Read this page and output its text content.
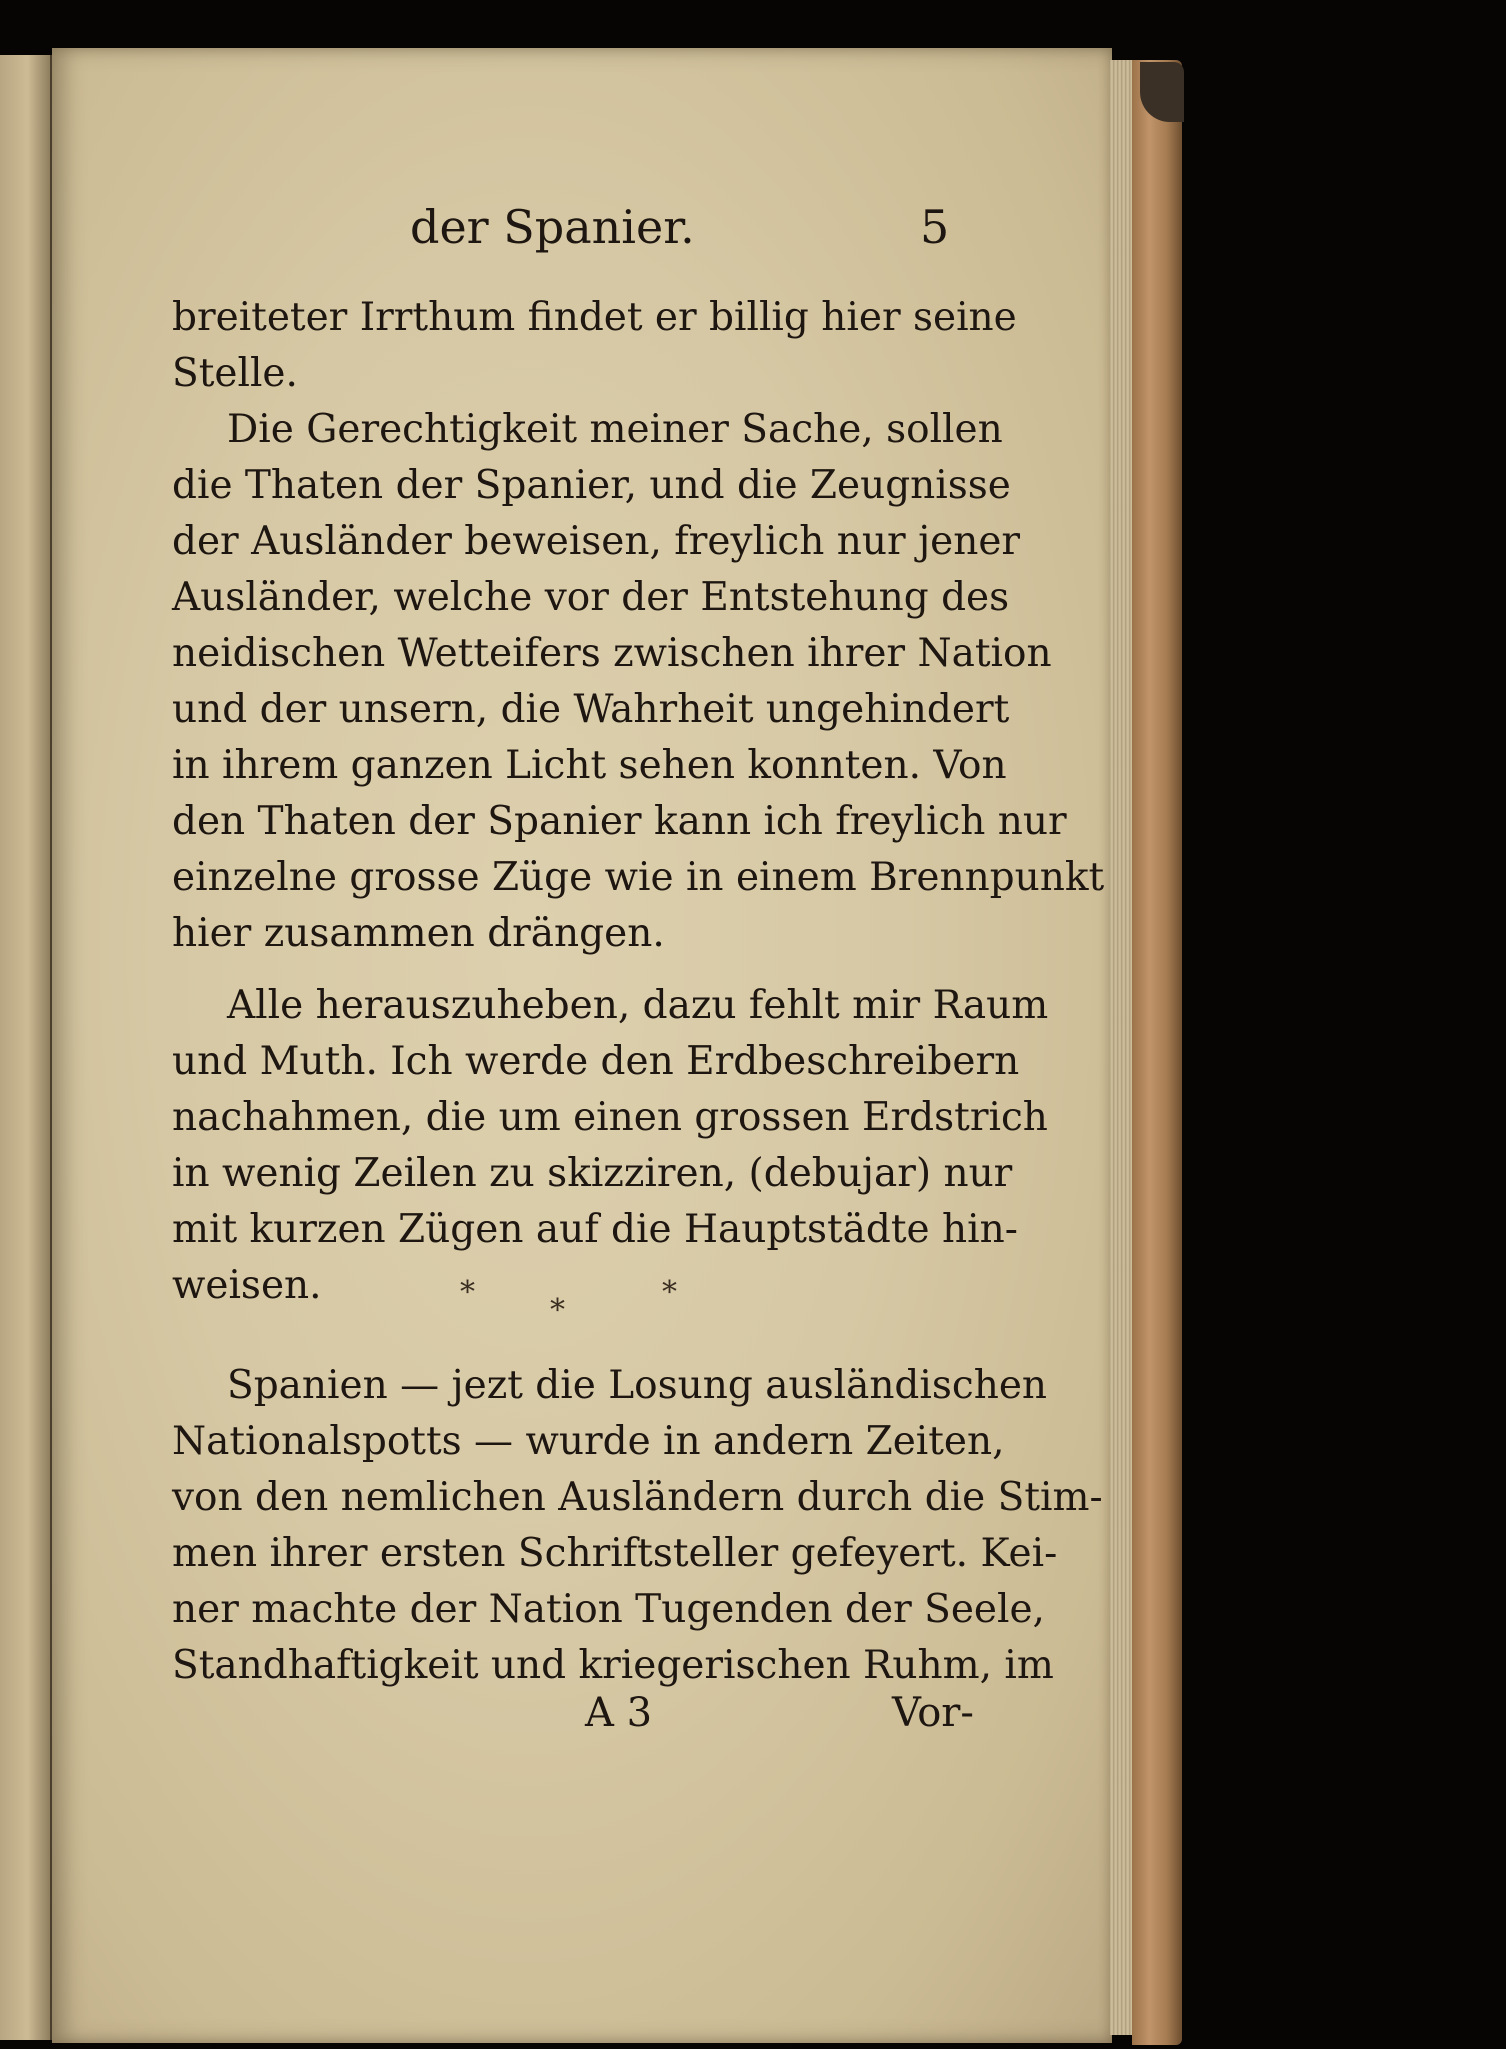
der Spanier.	5
breiteter Irrthum findet er billig hier seine
Stelle.
Die Gerechtigkeit meiner Sache, sollen
die Thaten der Spanier, und die Zeugnisse
der Ausländer beweisen, freylich nur jener
Ausländer, welche vor der Entstehung des
neidischen Wetteifers zwischen ihrer Nation
und der unsern, die Wahrheit ungehindert
in ihrem ganzen Licht sehen konnten. Von
den Thaten der Spanier kann ich freylich nur
einzelne grosse Züge wie in einem Brennpunkt
hier zusammen drängen.
Alle herauszuheben, dazu fehlt mir Raum
und Muth. Ich werde den Erdbeschreibern
nachahmen, die um einen grossen Erdstrich
in wenig Zeilen zu skizziren, (debujar) nur
mit kurzen Zügen auf die Hauptstädte hin-
weisen.	*
*
*
Spanien — jezt die Losung ausländischen
Nationalspotts — wurde in andern Zeiten,
von den nemlichen Ausländern durch die Stim-
men ihrer ersten Schriftsteller gefeyert. Kei-
ner machte der Nation Tugenden der Seele,
Standhaftigkeit und kriegerischen Ruhm, im
A 3	Vor-
